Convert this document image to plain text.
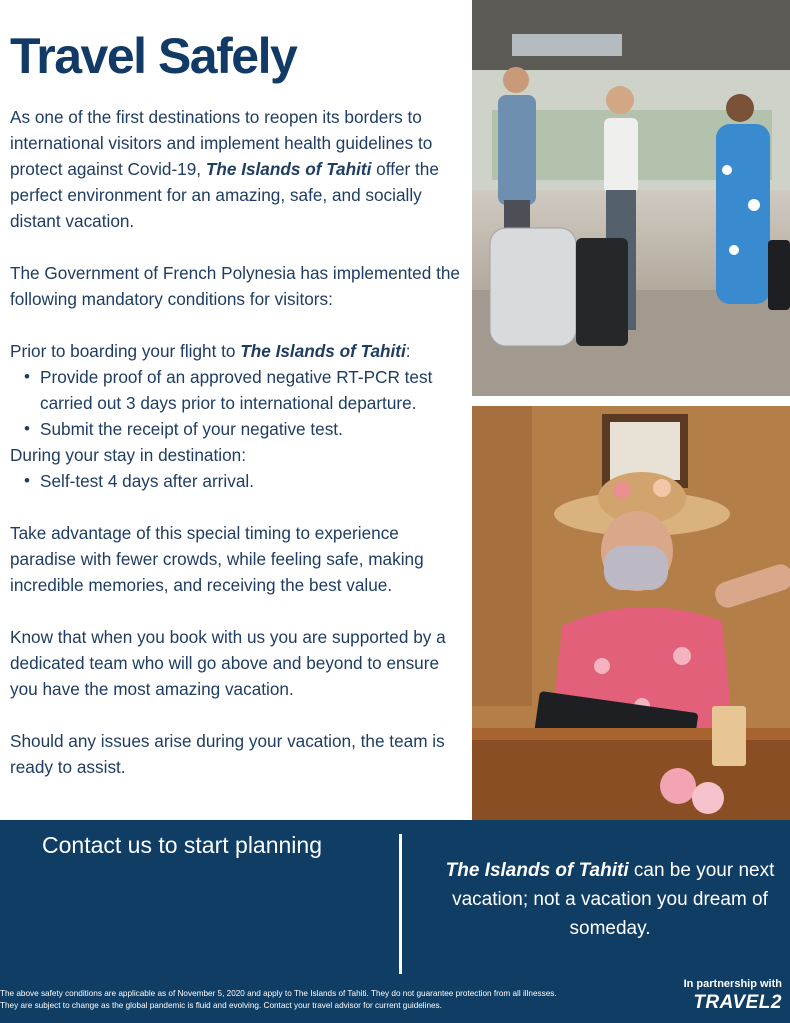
Travel Safely

As one of the first destinations to reopen its borders to international visitors and implement health guidelines to protect against Covid-19, The Islands of Tahiti offer the perfect environment for an amazing, safe, and socially distant vacation.

The Government of French Polynesia has implemented the following mandatory conditions for visitors:

Prior to boarding your flight to The Islands of Tahiti:

• Provide proof of an approved negative RT-PCR test carried out 3 days prior to international departure.
• Submit the receipt of your negative test.

During your stay in destination:

• Self-test 4 days after arrival.

Take advantage of this special timing to experience paradise with fewer crowds, while feeling safe, making incredible memories, and receiving the best value.

Know that when you book with us you are supported by a dedicated team who will go above and beyond to ensure you have the most amazing vacation.

Should any issues arise during your vacation, the team is ready to assist.

Contact us to start planning
The Islands of Tahiti can be your next vacation; not a vacation you dream of someday.
The above safety conditions are applicable as of November 5, 2020 and apply to The Islands of Tahiti. They do not guarantee protection from all illnesses.
They are subject to change as the global pandemic is fluid and evolving. Contact your travel advisor for current guidelines.
In partnership with
TRAVEL2
